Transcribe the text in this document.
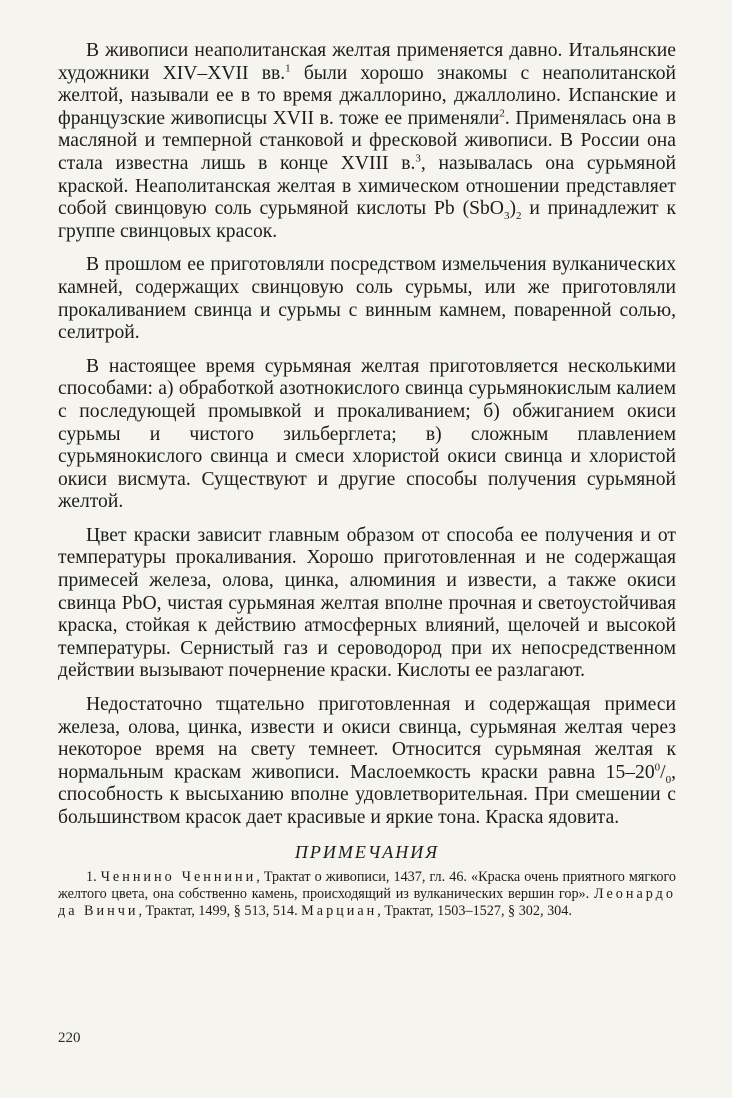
В живописи неаполитанская желтая применяется давно. Итальянские художники XIV–XVII вв.$^1$ были хорошо знакомы с неаполитанской желтой, называли ее в то время джаллорино, джаллолино. Испанские и французские живописцы XVII в. тоже ее применяли$^2$. Применялась она в масляной и темперной станковой и фресковой живописи. В России она стала известна лишь в конце XVIII в.$^3$, называлась она сурьмяной краской. Неаполитанская желтая в химическом отношении представляет собой свинцовую соль сурьмяной кислоты Pb $(SbO_3)_2$ и принадлежит к группе свинцовых красок.

В прошлом ее приготовляли посредством измельчения вулканических камней, содержащих свинцовую соль сурьмы, или же приготовляли прокаливанием свинца и сурьмы с винным камнем, поваренной солью, селитрой.

В настоящее время сурьмяная желтая приготовляется несколькими способами: а) обработкой азотнокислого свинца сурьмянокислым калием с последующей промывкой и прокаливанием; б) обжиганием окиси сурьмы и чистого зильберглета; в) сложным плавлением сурьмянокислого свинца и смеси хлористой окиси свинца и хлористой окиси висмута. Существуют и другие способы получения сурьмяной желтой.

Цвет краски зависит главным образом от способа ее получения и от температуры прокаливания. Хорошо приготовленная и не содержащая примесей железа, олова, цинка, алюминия и извести, а также окиси свинца PbO, чистая сурьмяная желтая вполне прочная и светоустойчивая краска, стойкая к действию атмосферных влияний, щелочей и высокой температуры. Сернистый газ и сероводород при их непосредственном действии вызывают почернение краски. Кислоты ее разлагают.

Недостаточно тщательно приготовленная и содержащая примеси железа, олова, цинка, извести и окиси свинца, сурьмяная желтая через некоторое время на свету темнеет. Относится сурьмяная желтая к нормальным краскам живописи. Маслоемкость краски равна $15-20^0/_0$, способность к высыханию вполне удовлетворительная. При смешении с большинством красок дает красивые и яркие тона. Краска ядовита.

ПРИМЕЧАНИЯ

1. Ченнино Ченнини, Трактат о живописи, 1437, гл. 46. «Краска очень приятного мягкого желтого цвета, она собственно камень, происходящий из вулканических вершин гор». Леонардо да Винчи, Трактат, 1499, § 513, 514. Марциан, Трактат, 1503–1527, § 302, 304.

220
